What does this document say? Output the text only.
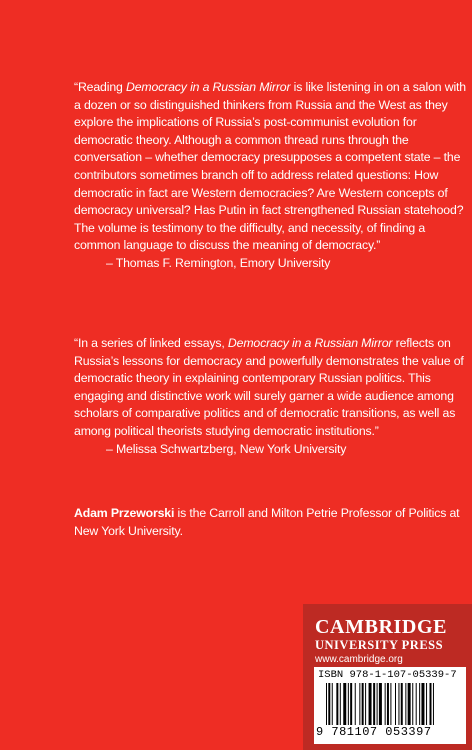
“Reading Democracy in a Russian Mirror is like listening in on a salon with a dozen or so distinguished thinkers from Russia and the West as they explore the implications of Russia’s post-communist evolution for democratic theory. Although a common thread runs through the conversation – whether democracy presupposes a competent state – the contributors sometimes branch off to address related questions: How democratic in fact are Western democracies? Are Western concepts of democracy universal? Has Putin in fact strengthened Russian statehood? The volume is testimony to the difficulty, and necessity, of finding a common language to discuss the meaning of democracy.”

– Thomas F. Remington, Emory University

“In a series of linked essays, Democracy in a Russian Mirror reflects on Russia’s lessons for democracy and powerfully demonstrates the value of democratic theory in explaining contemporary Russian politics. This engaging and distinctive work will surely garner a wide audience among scholars of comparative politics and of democratic transitions, as well as among political theorists studying democratic institutions.”

– Melissa Schwartzberg, New York University
Adam Przeworski is the Carroll and Milton Petrie Professor of Politics at New York University.
CAMBRIDGE
UNIVERSITY PRESS
www.cambridge.org
ISBN 978-1-107-05339-7
9 781107 053397
